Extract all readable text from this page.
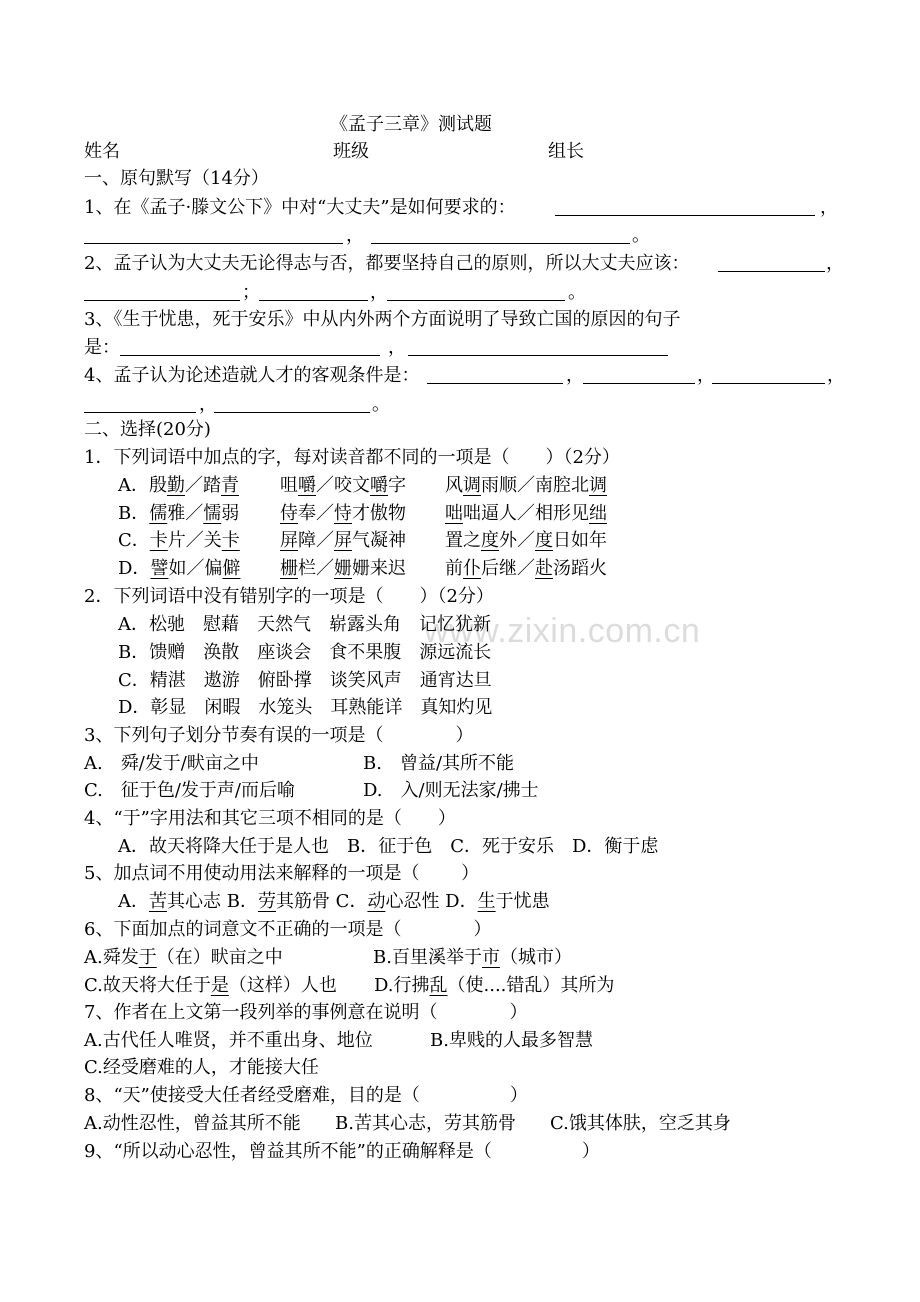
www.zixin.com.cn
《孟子三章》测试题
姓名	班级	组长
一、原句默写（14分）
1、在《孟子·滕文公下》中对“大丈夫”是如何要求的：	，
，	。
2、孟子认为大丈夫无论得志与否，都要坚持自己的原则，所以大丈夫应该：	，
；	，	。
3、《生于忧患，死于安乐》中从内外两个方面说明了导致亡国的原因的句子
是：	，
4、孟子认为论述造就人才的客观条件是：	，	，	，
，	。
二、选择(20分)
1．下列词语中加点的字，每对读音都不同的一项是（　　）（2分）
A．殷勤／踏青 咀嚼／咬文嚼字 风调雨顺／南腔北调
B．儒雅／懦弱 侍奉／恃才傲物 咄咄逼人／相形见绌
C．卡片／关卡 屏障／屏气凝神 置之度外／度日如年
D．譬如／偏僻 栅栏／姗姗来迟 前仆后继／赴汤蹈火
2．下列词语中没有错别字的一项是（　　）（2分）
A．松驰　慰藉　天然气　崭露头角　记忆犹新
B．馈赠　涣散　座谈会　食不果腹　源远流长
C．精湛　遨游　俯卧撑　谈笑风声　通宵达旦
D．彰显　闲暇　水笼头　耳熟能详　真知灼见
3、下列句子划分节奏有误的一项是（　　　　）
A.　舜/发于/畎亩之中	B.　曾益/其所不能
C.　征于色/发于声/而后喻	D.　入/则无法家/拂士
4、“于”字用法和其它三项不相同的是（　　）
A．故天将降大任于是人也　B．征于色　C．死于安乐　D．衡于虑
5、加点词不用使动用法来解释的一项是（　　 ）
A．苦其心志 B．劳其筋骨 C．动心忍性 D．生于忧患
6、下面加点的词意文不正确的一项是（　　　　）
A.舜发于（在）畎亩之中	B.百里溪举于市（城市）
C.故天将大任于是（这样）人也 D.行拂乱（使....错乱）其所为
7、作者在上文第一段列举的事例意在说明（　　　　）
A.古代任人唯贤，并不重出身、地位	B.卑贱的人最多智慧
C.经受磨难的人，才能接大任
8、“天”使接受大任者经受磨难，目的是（　　　　　）
A.动性忍性，曾益其所不能 B.苦其心志，劳其筋骨 C.饿其体肤，空乏其身
9、“所以动心忍性，曾益其所不能”的正确解释是（　　　　　）
